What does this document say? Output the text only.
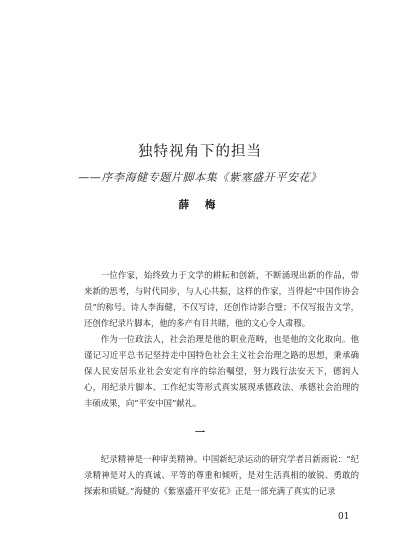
独特视角下的担当
——序李海健专题片脚本集《紫塞盛开平安花》
薛 梅

一位作家，始终致力于文学的耕耘和创新，不断涌现出新的作品，带来新的思考，与时代同步，与人心共振，这样的作家，当得起“中国作协会员”的称号。诗人李海健，不仅写诗，还创作诗影合璧；不仅写报告文学，还创作纪录片脚本，他的多产有目共睹，他的文心令人肃穆。

作为一位政法人，社会治理是他的职业范畴，也是他的文化取向。他谨记习近平总书记坚持走中国特色社会主义社会治理之路的思想，秉承确保人民安居乐业社会安定有序的综治嘱望，努力践行法安天下，德润人心，用纪录片脚本、工作纪实等形式真实展现承德政法、承德社会治理的丰硕成果，向“平安中国”献礼。

一

纪录精神是一种审美精神。中国新纪录运动的研究学者吕新雨说：“纪录精神是对人的真诚、平等的尊重和倾听，是对生活真相的敏锐、勇敢的探索和质疑。”海健的《紫塞盛开平安花》正是一部充满了真实的记录

01
